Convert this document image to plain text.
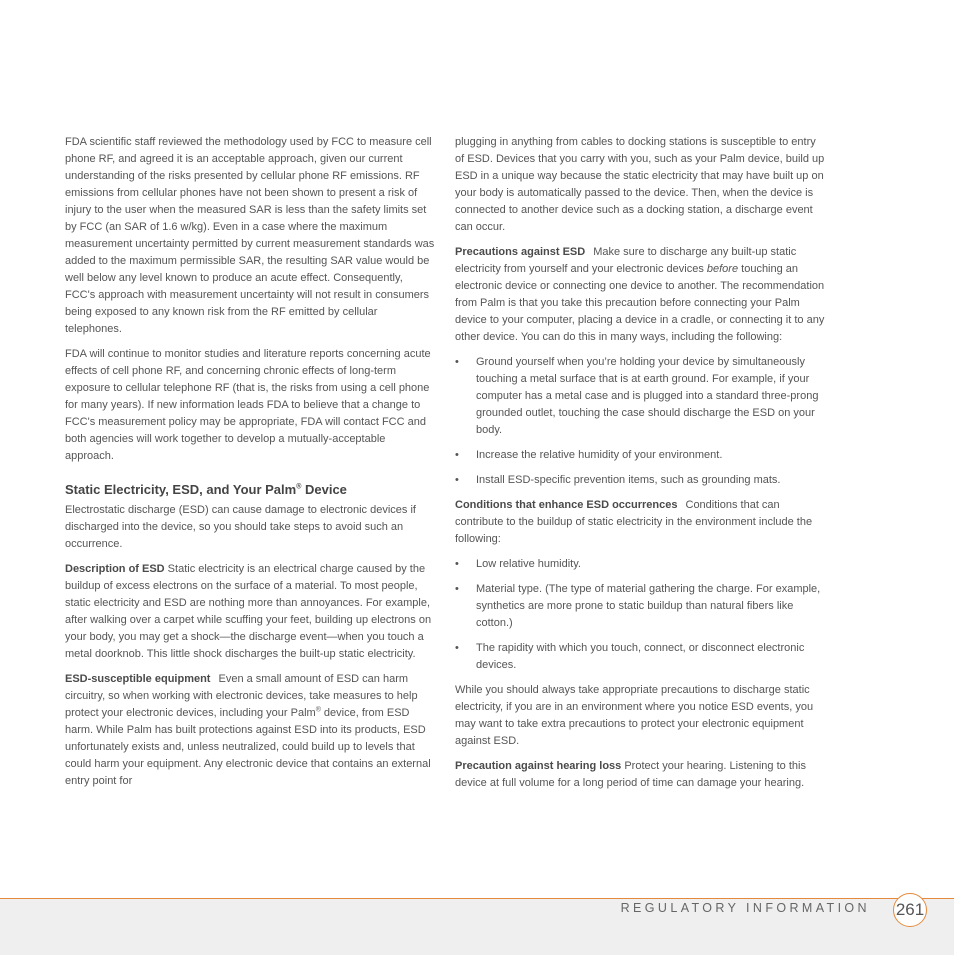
FDA scientific staff reviewed the methodology used by FCC to measure cell phone RF, and agreed it is an acceptable approach, given our current understanding of the risks presented by cellular phone RF emissions. RF emissions from cellular phones have not been shown to present a risk of injury to the user when the measured SAR is less than the safety limits set by FCC (an SAR of 1.6 w/kg). Even in a case where the maximum measurement uncertainty permitted by current measurement standards was added to the maximum permissible SAR, the resulting SAR value would be well below any level known to produce an acute effect. Consequently, FCC's approach with measurement uncertainty will not result in consumers being exposed to any known risk from the RF emitted by cellular telephones.

FDA will continue to monitor studies and literature reports concerning acute effects of cell phone RF, and concerning chronic effects of long-term exposure to cellular telephone RF (that is, the risks from using a cell phone for many years). If new information leads FDA to believe that a change to FCC's measurement policy may be appropriate, FDA will contact FCC and both agencies will work together to develop a mutually-acceptable approach.

Static Electricity, ESD, and Your Palm® Device

Electrostatic discharge (ESD) can cause damage to electronic devices if discharged into the device, so you should take steps to avoid such an occurrence.

Description of ESD Static electricity is an electrical charge caused by the buildup of excess electrons on the surface of a material. To most people, static electricity and ESD are nothing more than annoyances. For example, after walking over a carpet while scuffing your feet, building up electrons on your body, you may get a shock—the discharge event—when you touch a metal doorknob. This little shock discharges the built-up static electricity.

ESD-susceptible equipment Even a small amount of ESD can harm circuitry, so when working with electronic devices, take measures to help protect your electronic devices, including your Palm® device, from ESD harm. While Palm has built protections against ESD into its products, ESD unfortunately exists and, unless neutralized, could build up to levels that could harm your equipment. Any electronic device that contains an external entry point for

plugging in anything from cables to docking stations is susceptible to entry of ESD. Devices that you carry with you, such as your Palm device, build up ESD in a unique way because the static electricity that may have built up on your body is automatically passed to the device. Then, when the device is connected to another device such as a docking station, a discharge event can occur.

Precautions against ESD Make sure to discharge any built-up static electricity from yourself and your electronic devices before touching an electronic device or connecting one device to another. The recommendation from Palm is that you take this precaution before connecting your Palm device to your computer, placing a device in a cradle, or connecting it to any other device. You can do this in many ways, including the following:

• Ground yourself when you’re holding your device by simultaneously touching a metal surface that is at earth ground. For example, if your computer has a metal case and is plugged into a standard three-prong grounded outlet, touching the case should discharge the ESD on your body.
• Increase the relative humidity of your environment.
• Install ESD-specific prevention items, such as grounding mats.

Conditions that enhance ESD occurrences Conditions that can contribute to the buildup of static electricity in the environment include the following:

• Low relative humidity.
• Material type. (The type of material gathering the charge. For example, synthetics are more prone to static buildup than natural fibers like cotton.)
• The rapidity with which you touch, connect, or disconnect electronic devices.

While you should always take appropriate precautions to discharge static electricity, if you are in an environment where you notice ESD events, you may want to take extra precautions to protect your electronic equipment against ESD.

Precaution against hearing loss Protect your hearing. Listening to this device at full volume for a long period of time can damage your hearing.

REGULATORY INFORMATION 261
